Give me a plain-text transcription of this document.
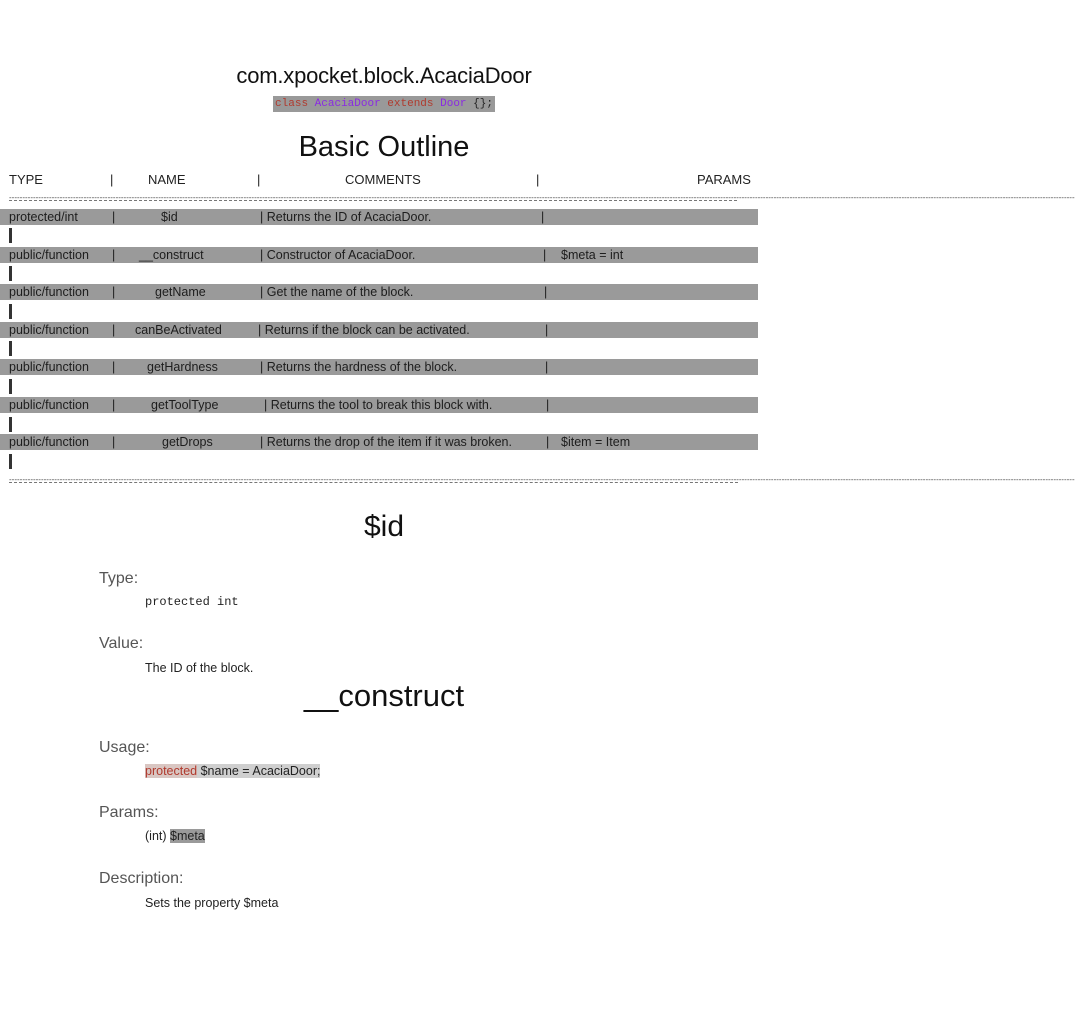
com.xpocket.block.AcaciaDoor
class AcaciaDoor extends Door {};
Basic Outline
TYPE	|	NAME	|	COMMENTS	|	PARAMS
----------------------------------------------------------------------------------------------------------------------------------------------------------------------------------------------------------------------------------------------------------------------------------------------------------------------------------------------------------------------------------------------------------------
protected/int	|	$id	| Returns the ID of AcaciaDoor.	|
public/function | __construct	| Constructor of AcaciaDoor.	| $meta = int
public/function |	getName	| Get the name of the block.	|
public/function | canBeActivated	| Returns if the block can be activated.	|
public/function |	getHardness	| Returns the hardness of the block.	|
public/function |	getToolType	| Returns the tool to break this block with.	|
public/function |	getDrops	| Returns the drop of the item if it was broken.	| $item = Item
----------------------------------------------------------------------------------------------------------------------------------------------------------------------------------------------------------------------------------------------------------------------------------------------------------------------------------------------------------------------------------------------------------------
$id
Type:
protected int
Value:
The ID of the block.
__construct
Usage:
protected $name = AcaciaDoor;
Params:
(int) $meta
Description:
Sets the property $meta
